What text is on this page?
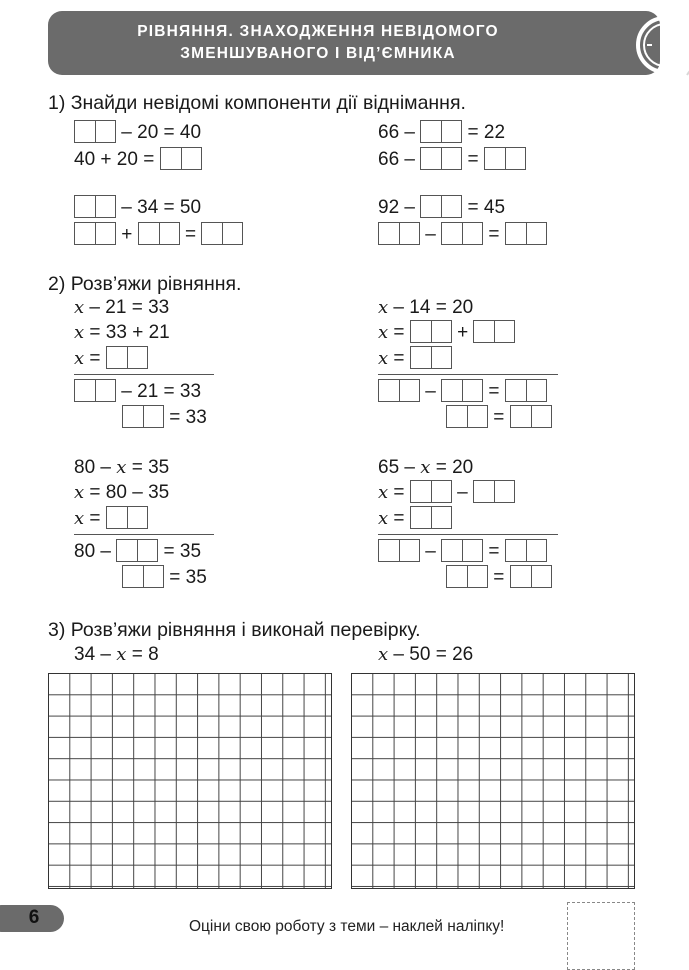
РІВНЯННЯ. ЗНАХОДЖЕННЯ НЕВІДОМОГО
ЗМЕНШУВАНОГО І ВІД’ЄМНИКА
1) Знайди невідомі компоненти дії віднімання.
– 20 = 40
40 + 20 =
– 34 = 50
+	=
66 –	= 22
66 –	=
92 –	= 45
–	=
2) Розв’яжи рівняння.
x – 21 = 33
x = 33 + 21
x =
– 21 = 33
= 33
x – 14 = 20
x =	+
x =
–	=
=
80 – x = 35
x = 80 – 35
x =
80 –	= 35
= 35
65 – x = 20
x =	–
x =
–	=
=
3) Розв’яжи рівняння і виконай перевірку.
34 – x = 8	x – 50 = 26
6	Оціни свою роботу з теми – наклей наліпку!
